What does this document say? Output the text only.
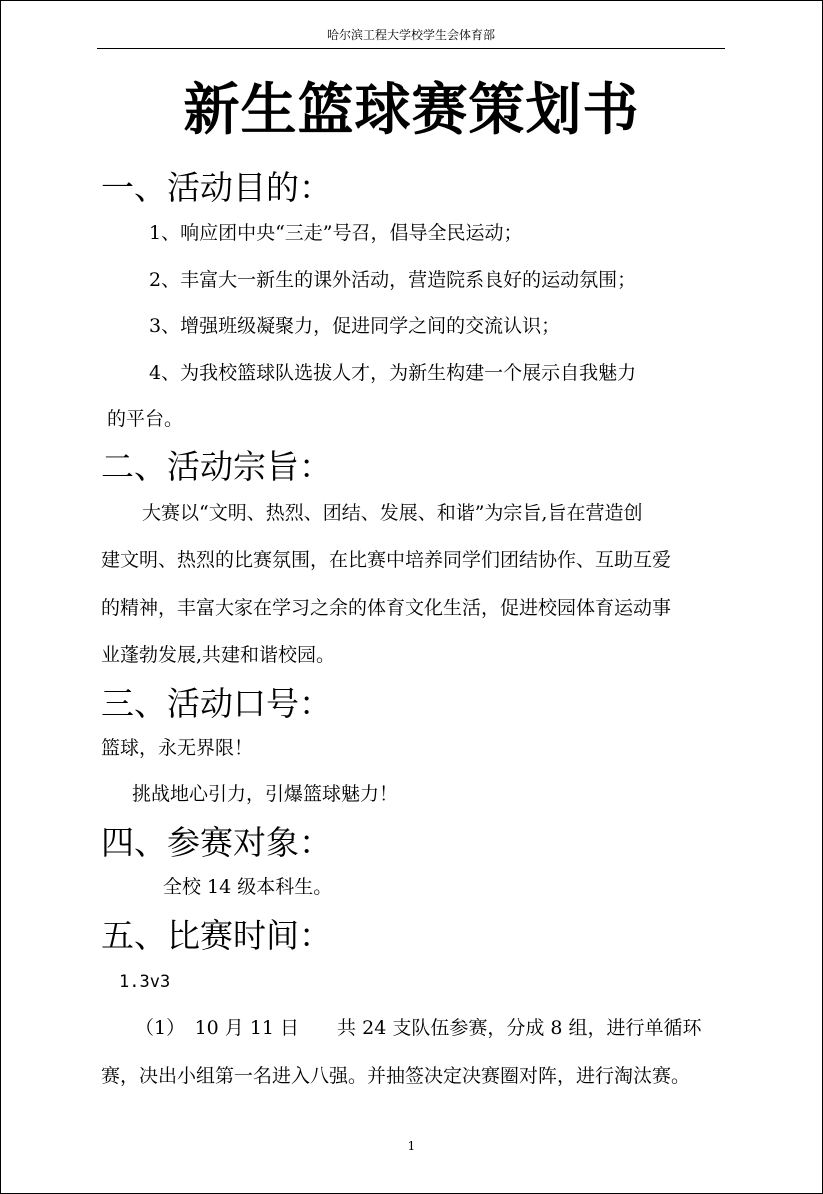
哈尔滨工程大学校学生会体育部
新生篮球赛策划书
一、活动目的：
1、响应团中央“三走”号召，倡导全民运动；
2、丰富大一新生的课外活动，营造院系良好的运动氛围；
3、增强班级凝聚力，促进同学之间的交流认识；
4、为我校篮球队选拔人才，为新生构建一个展示自我魅力
的平台。
二、活动宗旨：
大赛以“文明、热烈、团结、发展、和谐”为宗旨,旨在营造创
建文明、热烈的比赛氛围，在比赛中培养同学们团结协作、互助互爱
的精神，丰富大家在学习之余的体育文化生活，促进校园体育运动事
业蓬勃发展,共建和谐校园。
三、活动口号：
篮球，永无界限！
挑战地心引力，引爆篮球魅力！
四、参赛对象：
全校 14 级本科生。
五、比赛时间：
1.3v3
（1）　10 月 11 日　　共 24 支队伍参赛，分成 8 组，进行单循环
赛，决出小组第一名进入八强。并抽签决定决赛圈对阵，进行淘汰赛。
1
